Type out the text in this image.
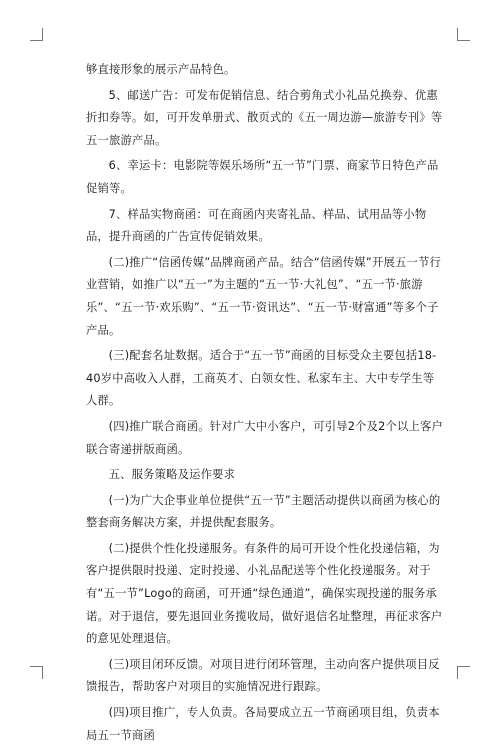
够直接形象的展示产品特色。

5、邮送广告：可发布促销信息、结合剪角式小礼品兑换券、优惠折扣券等。如，可开发单册式、散页式的《五一周边游—旅游专刊》等五一旅游产品。

6、幸运卡：电影院等娱乐场所“五一节”门票、商家节日特色产品促销等。

7、样品实物商函：可在商函内夹寄礼品、样品、试用品等小物品，提升商函的广告宣传促销效果。

(二)推广“信函传媒”品牌商函产品。结合“信函传媒”开展五一节行业营销，如推广以“五一”为主题的“五一节·大礼包”、“五一节·旅游乐”、“五一节·欢乐购”、“五一节·资讯达”、“五一节·财富通”等多个子产品。

(三)配套名址数据。适合于“五一节”商函的目标受众主要包括18-40岁中高收入人群，工商英才、白领女性、私家车主、大中专学生等人群。

(四)推广联合商函。针对广大中小客户，可引导2个及2个以上客户联合寄递拼版商函。

五、服务策略及运作要求

(一)为广大企事业单位提供“五一节”主题活动提供以商函为核心的整套商务解决方案，并提供配套服务。

(二)提供个性化投递服务。有条件的局可开设个性化投递信箱，为客户提供限时投递、定时投递、小礼品配送等个性化投递服务。对于有“五一节”Logo的商函，可开通“绿色通道”，确保实现投递的服务承诺。对于退信，要先退回业务揽收局，做好退信名址整理，再征求客户的意见处理退信。

(三)项目闭环反馈。对项目进行闭环管理，主动向客户提供项目反馈报告，帮助客户对项目的实施情况进行跟踪。

(四)项目推广，专人负责。各局要成立五一节商函项目组，负责本局五一节商函
